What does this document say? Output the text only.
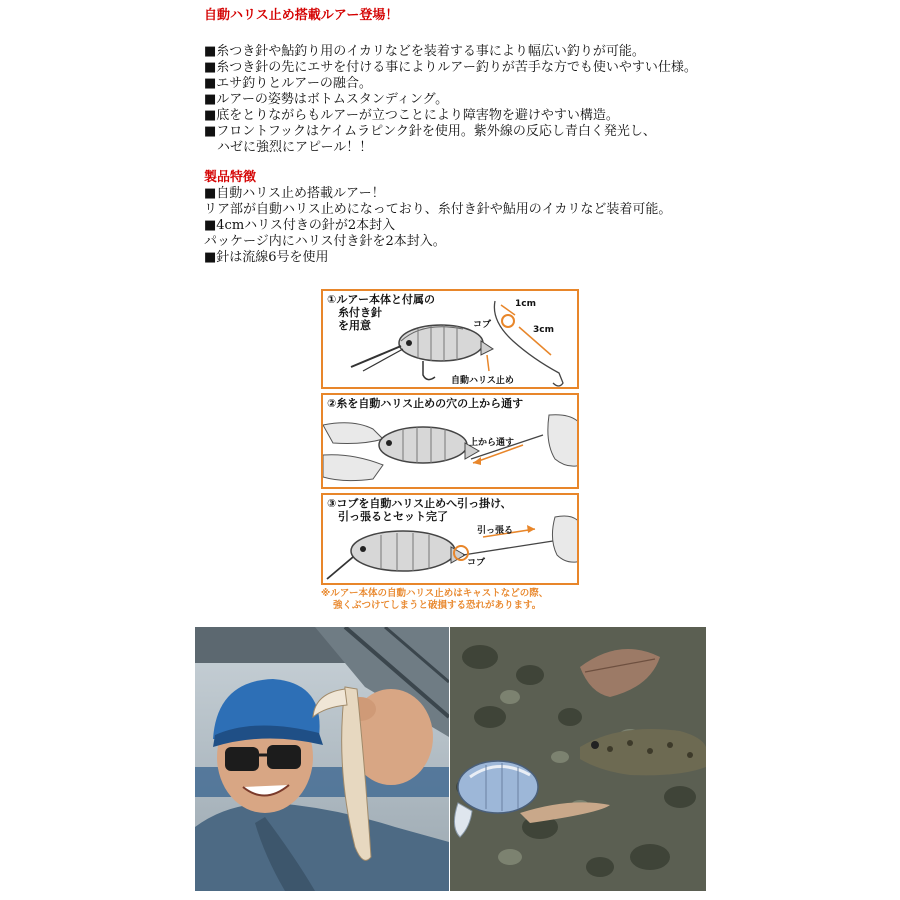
自動ハリス止め搭載ルアー登場！

■糸つき針や鮎釣り用のイカリなどを装着する事により幅広い釣りが可能。

■糸つき針の先にエサを付ける事によりルアー釣りが苦手な方でも使いやすい仕様。

■エサ釣りとルアーの融合。

■ルアーの姿勢はボトムスタンディング。

■底をとりながらもルアーが立つことにより障害物を避けやすい構造。

■フロントフックはケイムラピンク針を使用。紫外線の反応し青白く発光し、

　ハゼに強烈にアピール！！

製品特徴

■自動ハリス止め搭載ルアー！

リア部が自動ハリス止めになっており、糸付き針や鮎用のイカリなど装着可能。

■4cmハリス付きの針が2本封入

パッケージ内にハリス付き針を2本封入。

■針は流線6号を使用

①ルアー本体と付属の
　糸付き針
　を用意
1cm
コブ	3cm
自動ハリス止め
②糸を自動ハリス止めの穴の上から通す
上から通す
③コブを自動ハリス止めへ引っ掛け、
　引っ張るとセット完了
引っ張る
コブ
※ルアー本体の自動ハリス止めはキャストなどの際、
強くぶつけてしまうと破損する恐れがあります。
